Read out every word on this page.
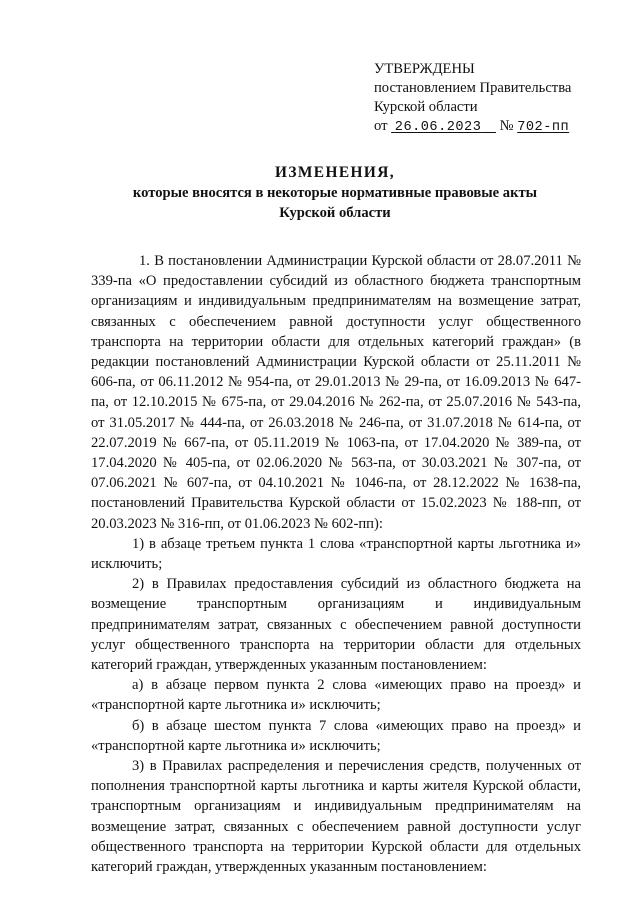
УТВЕРЖДЕНЫ
постановлением Правительства
Курской области
от 26.06.2023 № 702-пп
ИЗМЕНЕНИЯ,
которые вносятся в некоторые нормативные правовые акты
Курской области

1. В постановлении Администрации Курской области от 28.07.2011 № 339-па «О предоставлении субсидий из областного бюджета транспортным организациям и индивидуальным предпринимателям на возмещение затрат, связанных с обеспечением равной доступности услуг общественного транспорта на территории области для отдельных категорий граждан» (в редакции постановлений Администрации Курской области от 25.11.2011 № 606-па, от 06.11.2012 № 954-па, от 29.01.2013 № 29-па, от 16.09.2013 № 647-па, от 12.10.2015 № 675-па, от 29.04.2016 № 262-па, от 25.07.2016 № 543-па, от 31.05.2017 № 444-па, от 26.03.2018 № 246-па, от 31.07.2018 № 614-па, от 22.07.2019 № 667-па, от 05.11.2019 № 1063-па, от 17.04.2020 № 389-па, от 17.04.2020 № 405-па, от 02.06.2020 № 563-па, от 30.03.2021 № 307-па, от 07.06.2021 № 607-па, от 04.10.2021 № 1046-па, от 28.12.2022 № 1638-па, постановлений Правительства Курской области от 15.02.2023 № 188-пп, от 20.03.2023 № 316-пп, от 01.06.2023 № 602-пп):

1) в абзаце третьем пункта 1 слова «транспортной карты льготника и» исключить;

2) в Правилах предоставления субсидий из областного бюджета на возмещение транспортным организациям и индивидуальным предпринимателям затрат, связанных с обеспечением равной доступности услуг общественного транспорта на территории области для отдельных категорий граждан, утвержденных указанным постановлением:

а) в абзаце первом пункта 2 слова «имеющих право на проезд» и «транспортной карте льготника и» исключить;

б) в абзаце шестом пункта 7 слова «имеющих право на проезд» и «транспортной карте льготника и» исключить;

3) в Правилах распределения и перечисления средств, полученных от пополнения транспортной карты льготника и карты жителя Курской области, транспортным организациям и индивидуальным предпринимателям на возмещение затрат, связанных с обеспечением равной доступности услуг общественного транспорта на территории Курской области для отдельных категорий граждан, утвержденных указанным постановлением:
